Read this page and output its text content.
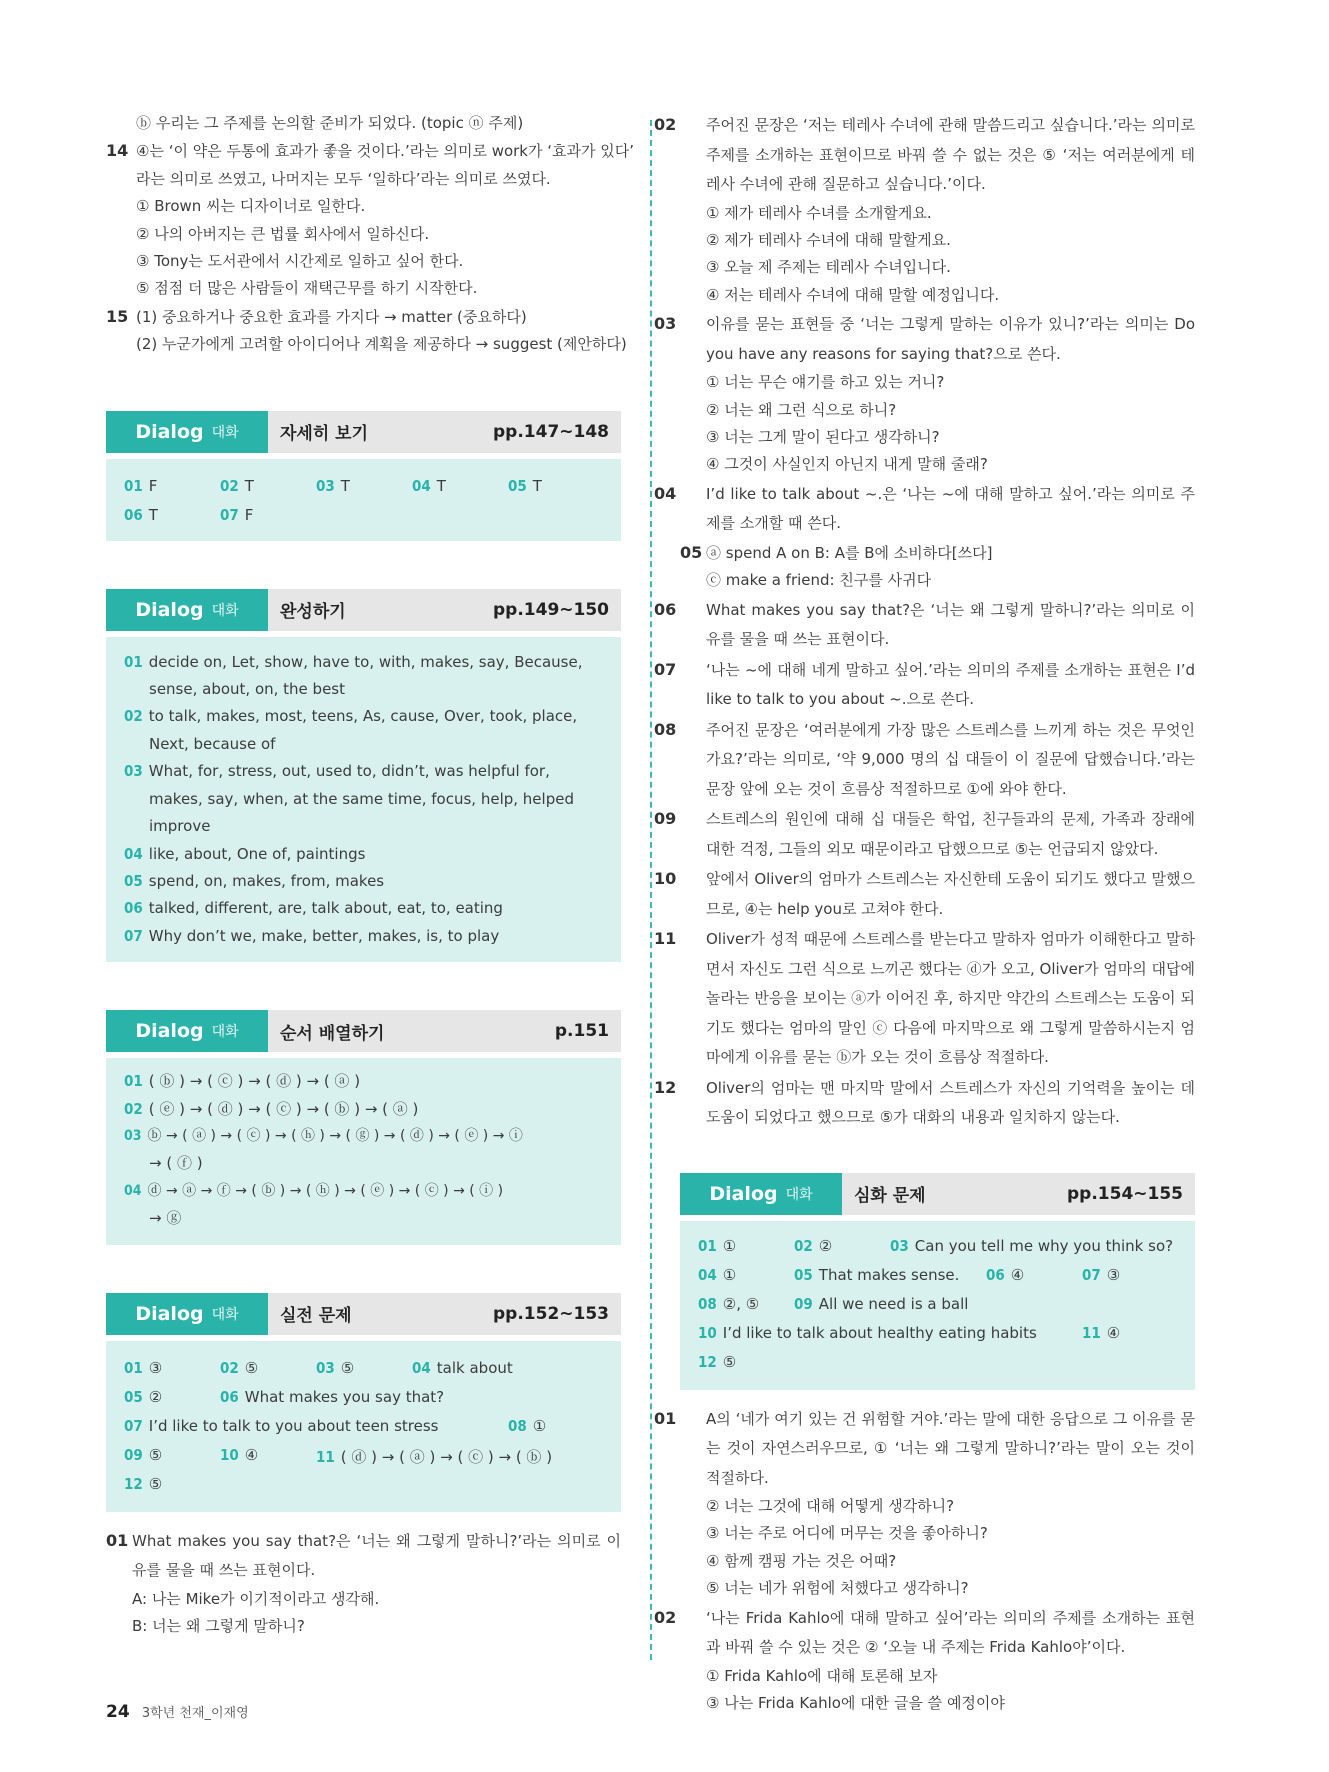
ⓑ 우리는 그 주제를 논의할 준비가 되었다. (topic ⓝ 주제)
14 ④는 ‘이 약은 두통에 효과가 좋을 것이다.’라는 의미로 work가 ‘효과가 있다’
라는 의미로 쓰였고, 나머지는 모두 ‘일하다’라는 의미로 쓰였다.
① Brown 씨는 디자이너로 일한다.
② 나의 아버지는 큰 법률 회사에서 일하신다.
③ Tony는 도서관에서 시간제로 일하고 싶어 한다.
⑤ 점점 더 많은 사람들이 재택근무를 하기 시작한다.
15 (1) 중요하거나 중요한 효과를 가지다 → matter (중요하다)
(2) 누군가에게 고려할 아이디어나 계획을 제공하다 → suggest (제안하다)
Dialog 대화	자세히 보기	pp.147~148
01 F	02 T	03 T	04 T	05 T
06 T	07 F
Dialog 대화	완성하기	pp.149~150
01 decide on, Let, show, have to, with, makes, say, Because,
sense, about, on, the best
02 to talk, makes, most, teens, As, cause, Over, took, place,
Next, because of
03 What, for, stress, out, used to, didn’t, was helpful for,
makes, say, when, at the same time, focus, help, helped
improve
04 like, about, One of, paintings
05 spend, on, makes, from, makes
06 talked, different, are, talk about, eat, to, eating
07 Why don’t we, make, better, makes, is, to play
Dialog 대화	순서 배열하기	p.151
01 ( ⓑ ) → ( ⓒ ) → ( ⓓ ) → ( ⓐ )
02 ( ⓔ ) → ( ⓓ ) → ( ⓒ ) → ( ⓑ ) → ( ⓐ )
03 ⓑ → ( ⓐ ) → ( ⓒ ) → ( ⓗ ) → ( ⓖ ) → ( ⓓ ) → ( ⓔ ) → ⓘ
→ ( ⓕ )
04 ⓓ → ⓐ → ⓕ → ( ⓑ ) → ( ⓗ ) → ( ⓔ ) → ( ⓒ ) → ( ⓘ )
→ ⓖ
Dialog 대화	실전 문제	pp.152~153
01 ③	02 ⑤	03 ⑤	04 talk about
05 ②	06 What makes you say that?
07 I’d like to talk to you about teen stress	08 ①
09 ⑤	10 ④	11 ( ⓓ ) → ( ⓐ ) → ( ⓒ ) → ( ⓑ )
12 ⑤
01 What makes you say that?은 ‘너는 왜 그렇게 말하니?’라는 의미로 이유를 물을 때 쓰는 표현이다.
A: 나는 Mike가 이기적이라고 생각해.
B: 너는 왜 그렇게 말하니?
02 주어진 문장은 ‘저는 테레사 수녀에 관해 말씀드리고 싶습니다.’라는 의미로 주제를 소개하는 표현이므로 바꿔 쓸 수 없는 것은 ⑤ ‘저는 여러분에게 테레사 수녀에 관해 질문하고 싶습니다.’이다.
① 제가 테레사 수녀를 소개할게요.
② 제가 테레사 수녀에 대해 말할게요.
③ 오늘 제 주제는 테레사 수녀입니다.
④ 저는 테레사 수녀에 대해 말할 예정입니다.
03 이유를 묻는 표현들 중 ‘너는 그렇게 말하는 이유가 있니?’라는 의미는 Do you have any reasons for saying that?으로 쓴다.
① 너는 무슨 얘기를 하고 있는 거니?
② 너는 왜 그런 식으로 하니?
③ 너는 그게 말이 된다고 생각하니?
④ 그것이 사실인지 아닌지 내게 말해 줄래?
04 I’d like to talk about ~.은 ‘나는 ~에 대해 말하고 싶어.’라는 의미로 주제를 소개할 때 쓴다.
05 ⓐ spend A on B: A를 B에 소비하다[쓰다]
ⓒ make a friend: 친구를 사귀다
06 What makes you say that?은 ‘너는 왜 그렇게 말하니?’라는 의미로 이유를 물을 때 쓰는 표현이다.
07 ‘나는 ~에 대해 네게 말하고 싶어.’라는 의미의 주제를 소개하는 표현은 I’d like to talk to you about ~.으로 쓴다.
08 주어진 문장은 ‘여러분에게 가장 많은 스트레스를 느끼게 하는 것은 무엇인가요?’라는 의미로, ‘약 9,000 명의 십 대들이 이 질문에 답했습니다.’라는 문장 앞에 오는 것이 흐름상 적절하므로 ①에 와야 한다.
09 스트레스의 원인에 대해 십 대들은 학업, 친구들과의 문제, 가족과 장래에 대한 걱정, 그들의 외모 때문이라고 답했으므로 ⑤는 언급되지 않았다.
10 앞에서 Oliver의 엄마가 스트레스는 자신한테 도움이 되기도 했다고 말했으므로, ④는 help you로 고쳐야 한다.
11 Oliver가 성적 때문에 스트레스를 받는다고 말하자 엄마가 이해한다고 말하면서 자신도 그런 식으로 느끼곤 했다는 ⓓ가 오고, Oliver가 엄마의 대답에 놀라는 반응을 보이는 ⓐ가 이어진 후, 하지만 약간의 스트레스는 도움이 되기도 했다는 엄마의 말인 ⓒ 다음에 마지막으로 왜 그렇게 말씀하시는지 엄마에게 이유를 묻는 ⓑ가 오는 것이 흐름상 적절하다.
12 Oliver의 엄마는 맨 마지막 말에서 스트레스가 자신의 기억력을 높이는 데 도움이 되었다고 했으므로 ⑤가 대화의 내용과 일치하지 않는다.
Dialog 대화	심화 문제	pp.154~155
01 ①	02 ②	03 Can you tell me why you think so?
04 ①	05 That makes sense. 06 ④	07 ③
08 ②, ⑤ 09 All we need is a ball
10 I’d like to talk about healthy eating habits	11 ④
12 ⑤
01 A의 ‘네가 여기 있는 건 위험할 거야.’라는 말에 대한 응답으로 그 이유를 묻는 것이 자연스러우므로, ① ‘너는 왜 그렇게 말하니?’라는 말이 오는 것이 적절하다.
② 너는 그것에 대해 어떻게 생각하니?
③ 너는 주로 어디에 머무는 것을 좋아하니?
④ 함께 캠핑 가는 것은 어때?
⑤ 너는 네가 위험에 처했다고 생각하니?
02 ‘나는 Frida Kahlo에 대해 말하고 싶어’라는 의미의 주제를 소개하는 표현과 바꿔 쓸 수 있는 것은 ② ‘오늘 내 주제는 Frida Kahlo야’이다.
① Frida Kahlo에 대해 토론해 보자
③ 나는 Frida Kahlo에 대한 글을 쓸 예정이야
24 3학년 천재_이재영
